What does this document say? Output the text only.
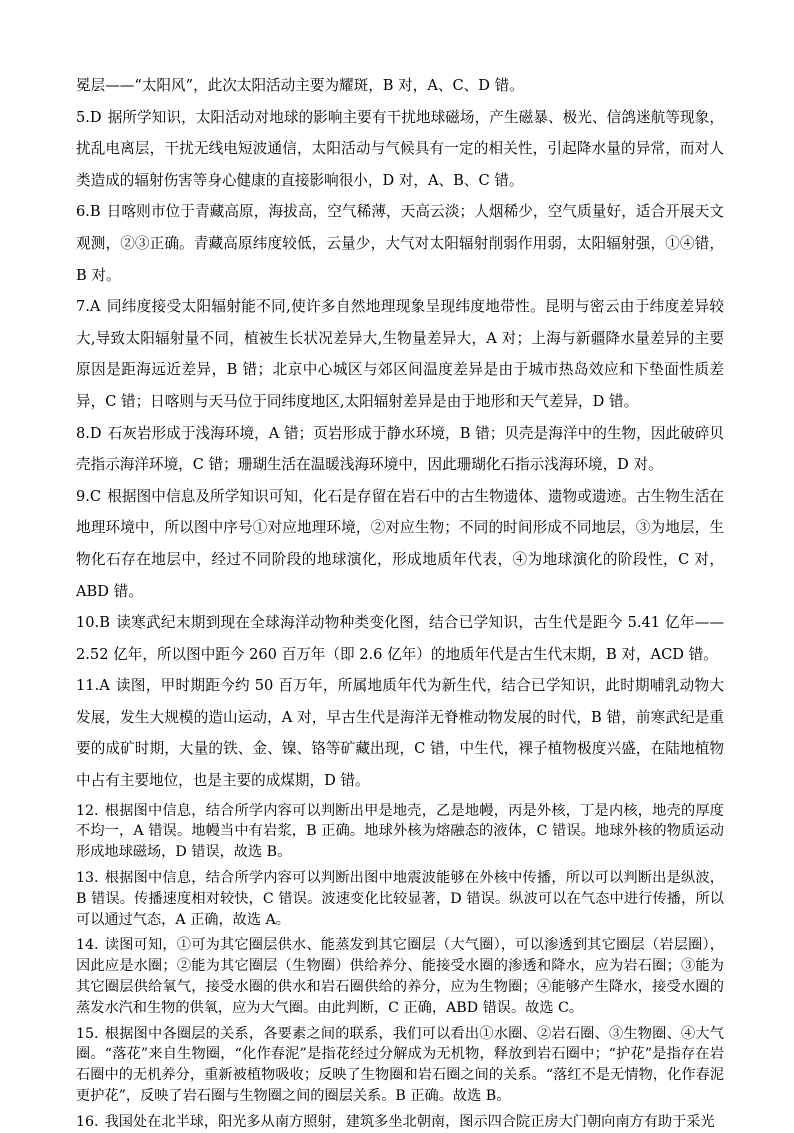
冕层——“太阳风”，此次太阳活动主要为耀斑，B 对，A、C、D 错。

5.D 据所学知识，太阳活动对地球的影响主要有干扰地球磁场，产生磁暴、极光、信鸽迷航等现象，扰乱电离层，干扰无线电短波通信，太阳活动与气候具有一定的相关性，引起降水量的异常，而对人类造成的辐射伤害等身心健康的直接影响很小，D 对，A、B、C 错。

6.B 日喀则市位于青藏高原，海拔高，空气稀薄，天高云淡；人烟稀少，空气质量好，适合开展天文观测，②③正确。青藏高原纬度较低，云量少，大气对太阳辐射削弱作用弱，太阳辐射强，①④错，B 对。

7.A 同纬度接受太阳辐射能不同,使许多自然地理现象呈现纬度地带性。昆明与密云由于纬度差异较大,导致太阳辐射量不同，植被生长状况差异大,生物量差异大，A 对；上海与新疆降水量差异的主要原因是距海远近差异，B 错；北京中心城区与郊区间温度差异是由于城市热岛效应和下垫面性质差异，C 错；日喀则与天马位于同纬度地区,太阳辐射差异是由于地形和天气差异，D 错。

8.D 石灰岩形成于浅海环境，A 错；页岩形成于静水环境，B 错；贝壳是海洋中的生物，因此破碎贝壳指示海洋环境，C 错；珊瑚生活在温暖浅海环境中，因此珊瑚化石指示浅海环境，D 对。

9.C 根据图中信息及所学知识可知，化石是存留在岩石中的古生物遗体、遗物或遗迹。古生物生活在地理环境中，所以图中序号①对应地理环境，②对应生物；不同的时间形成不同地层，③为地层，生物化石存在地层中，经过不同阶段的地球演化，形成地质年代表，④为地球演化的阶段性，C 对，ABD 错。

10.B 读寒武纪末期到现在全球海洋动物种类变化图，结合已学知识，古生代是距今 5.41 亿年——2.52 亿年，所以图中距今 260 百万年（即 2.6 亿年）的地质年代是古生代末期，B 对，ACD 错。

11.A 读图，甲时期距今约 50 百万年，所属地质年代为新生代，结合已学知识，此时期哺乳动物大发展，发生大规模的造山运动，A 对，早古生代是海洋无脊椎动物发展的时代，B 错，前寒武纪是重要的成矿时期，大量的铁、金、镍、铬等矿藏出现，C 错，中生代，裸子植物极度兴盛，在陆地植物中占有主要地位，也是主要的成煤期，D 错。

12. 根据图中信息，结合所学内容可以判断出甲是地壳，乙是地幔，丙是外核，丁是内核，地壳的厚度不均一，A 错误。地幔当中有岩浆，B 正确。地球外核为熔融态的液体，C 错误。地球外核的物质运动形成地球磁场，D 错误，故选 B。

13. 根据图中信息，结合所学内容可以判断出图中地震波能够在外核中传播，所以可以判断出是纵波，B 错误。传播速度相对较快，C 错误。波速变化比较显著，D 错误。纵波可以在气态中进行传播，所以可以通过气态，A 正确，故选 A。

14. 读图可知，①可为其它圈层供水、能蒸发到其它圈层（大气圈），可以渗透到其它圈层（岩层圈），因此应是水圈；②能为其它圈层（生物圈）供给养分、能接受水圈的渗透和降水，应为岩石圈；③能为其它圈层供给氧气，接受水圈的供水和岩石圈供给的养分，应为生物圈；④能够产生降水，接受水圈的蒸发水汽和生物的供氧，应为大气圈。由此判断，C 正确，ABD 错误。故选 C。

15. 根据图中各圈层的关系，各要素之间的联系，我们可以看出①水圈、②岩石圈、③生物圈、④大气圈。“落花”来自生物圈，“化作春泥”是指花经过分解成为无机物，释放到岩石圈中；“护花”是指存在岩石圈中的无机养分，重新被植物吸收；反映了生物圈和岩石圈之间的关系。“落红不是无情物，化作春泥更护花”，反映了岩石圈与生物圈之间的圈层关系。B 正确。故选 B。

16. 我国处在北半球，阳光多从南方照射，建筑多坐北朝南，图示四合院正房大门朝向南方有助于采光
